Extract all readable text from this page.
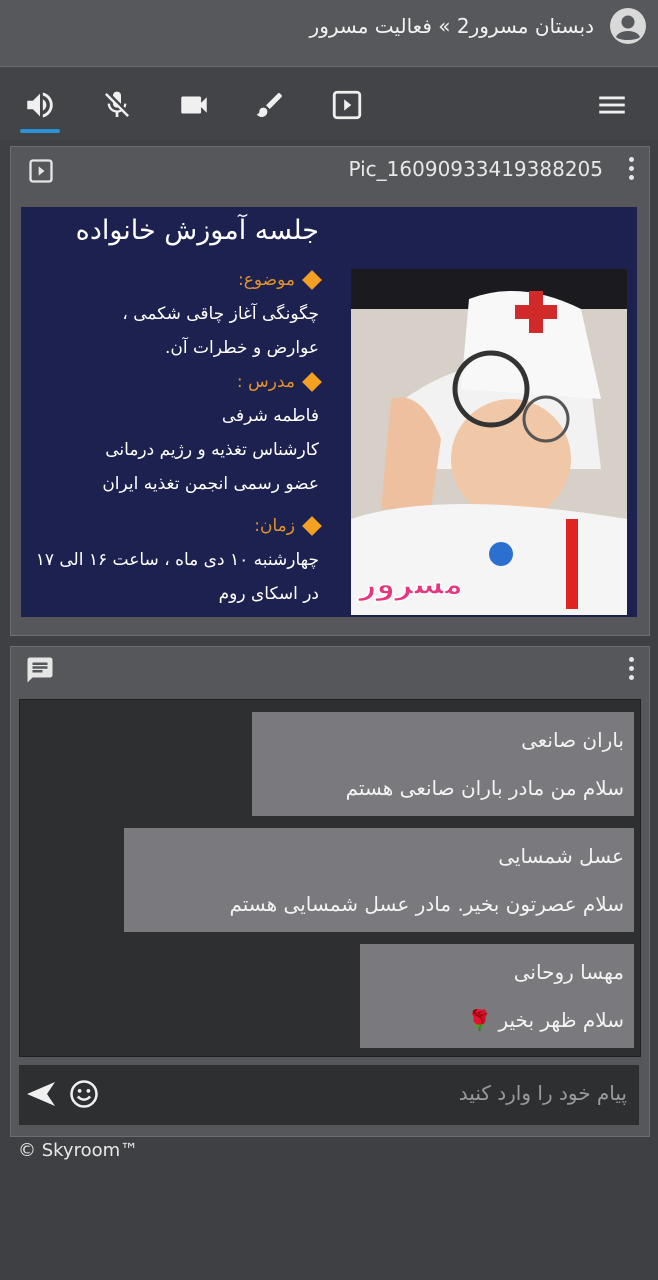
دبستان مسرور2 » فعالیت مسرور
Pic_16090933419388205
جلسه آموزش خانواده
موضوع:
چگونگی آغاز چاقی شکمی ،
عوارض و خطرات آن.
مدرس :
فاطمه شرفی
کارشناس تغذیه و رژیم درمانی
عضو رسمی انجمن تغذیه ایران
زمان:
چهارشنبه ۱۰ دی ماه ، ساعت ۱۶ الی ۱۷
در اسکای روم مسرور
باران صانعی
سلام من مادر باران صانعی هستم
عسل شمسایی
سلام عصرتون بخیر. مادر عسل شمسایی هستم
مهسا روحانی
سلام ظهر بخیر 🌹
پیام خود را وارد کنید
© Skyroom™
